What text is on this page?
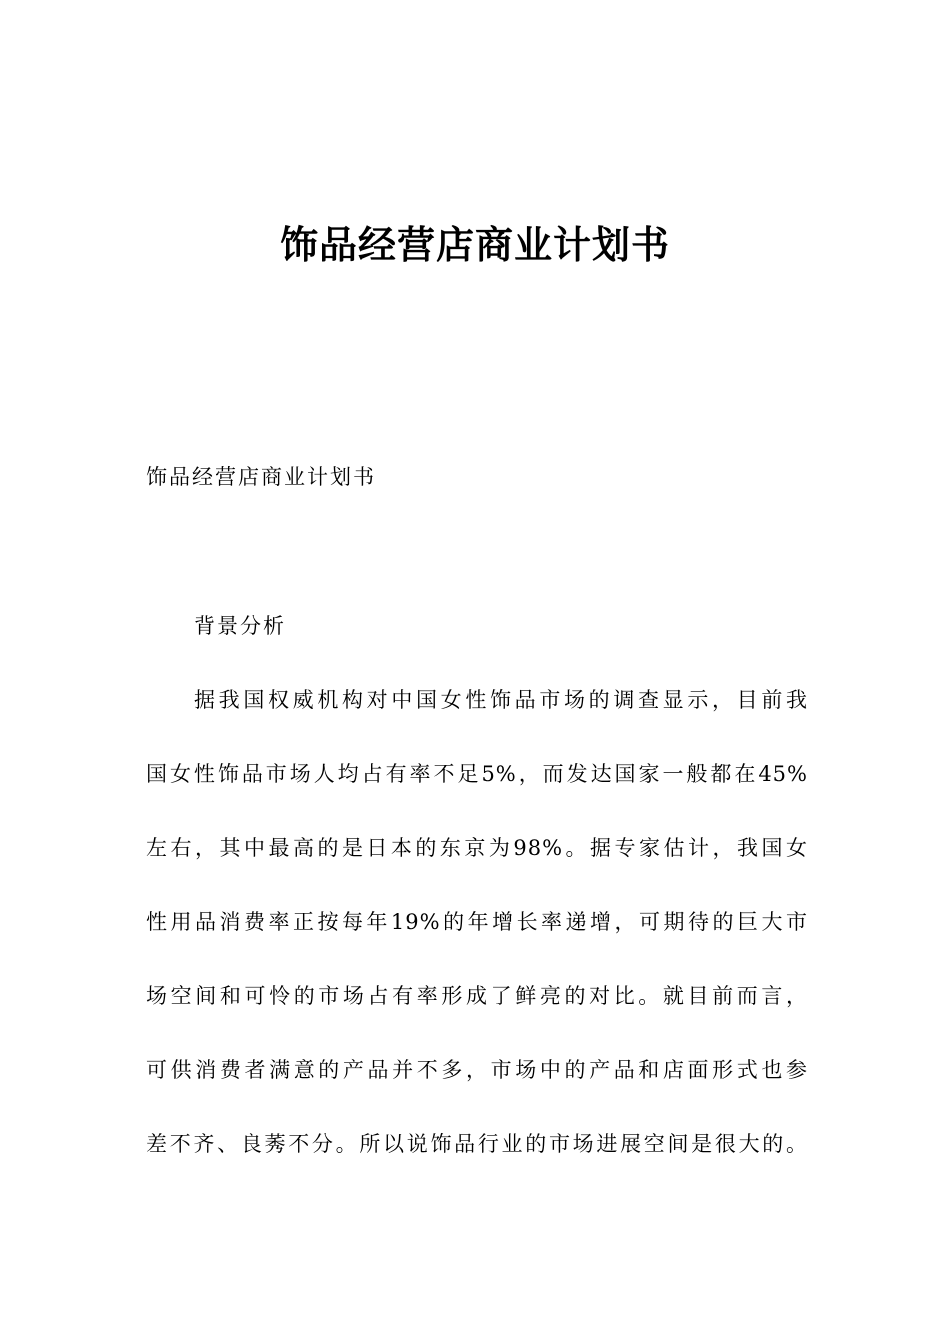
饰品经营店商业计划书
饰品经营店商业计划书
背景分析
据我国权威机构对中国女性饰品市场的调查显示，目前我
国女性饰品市场人均占有率不足5%，而发达国家一般都在45%
左右，其中最高的是日本的东京为98%。据专家估计，我国女
性用品消费率正按每年19%的年增长率递增，可期待的巨大市
场空间和可怜的市场占有率形成了鲜亮的对比。就目前而言，
可供消费者满意的产品并不多，市场中的产品和店面形式也参
差不齐、良莠不分。所以说饰品行业的市场进展空间是很大的。
